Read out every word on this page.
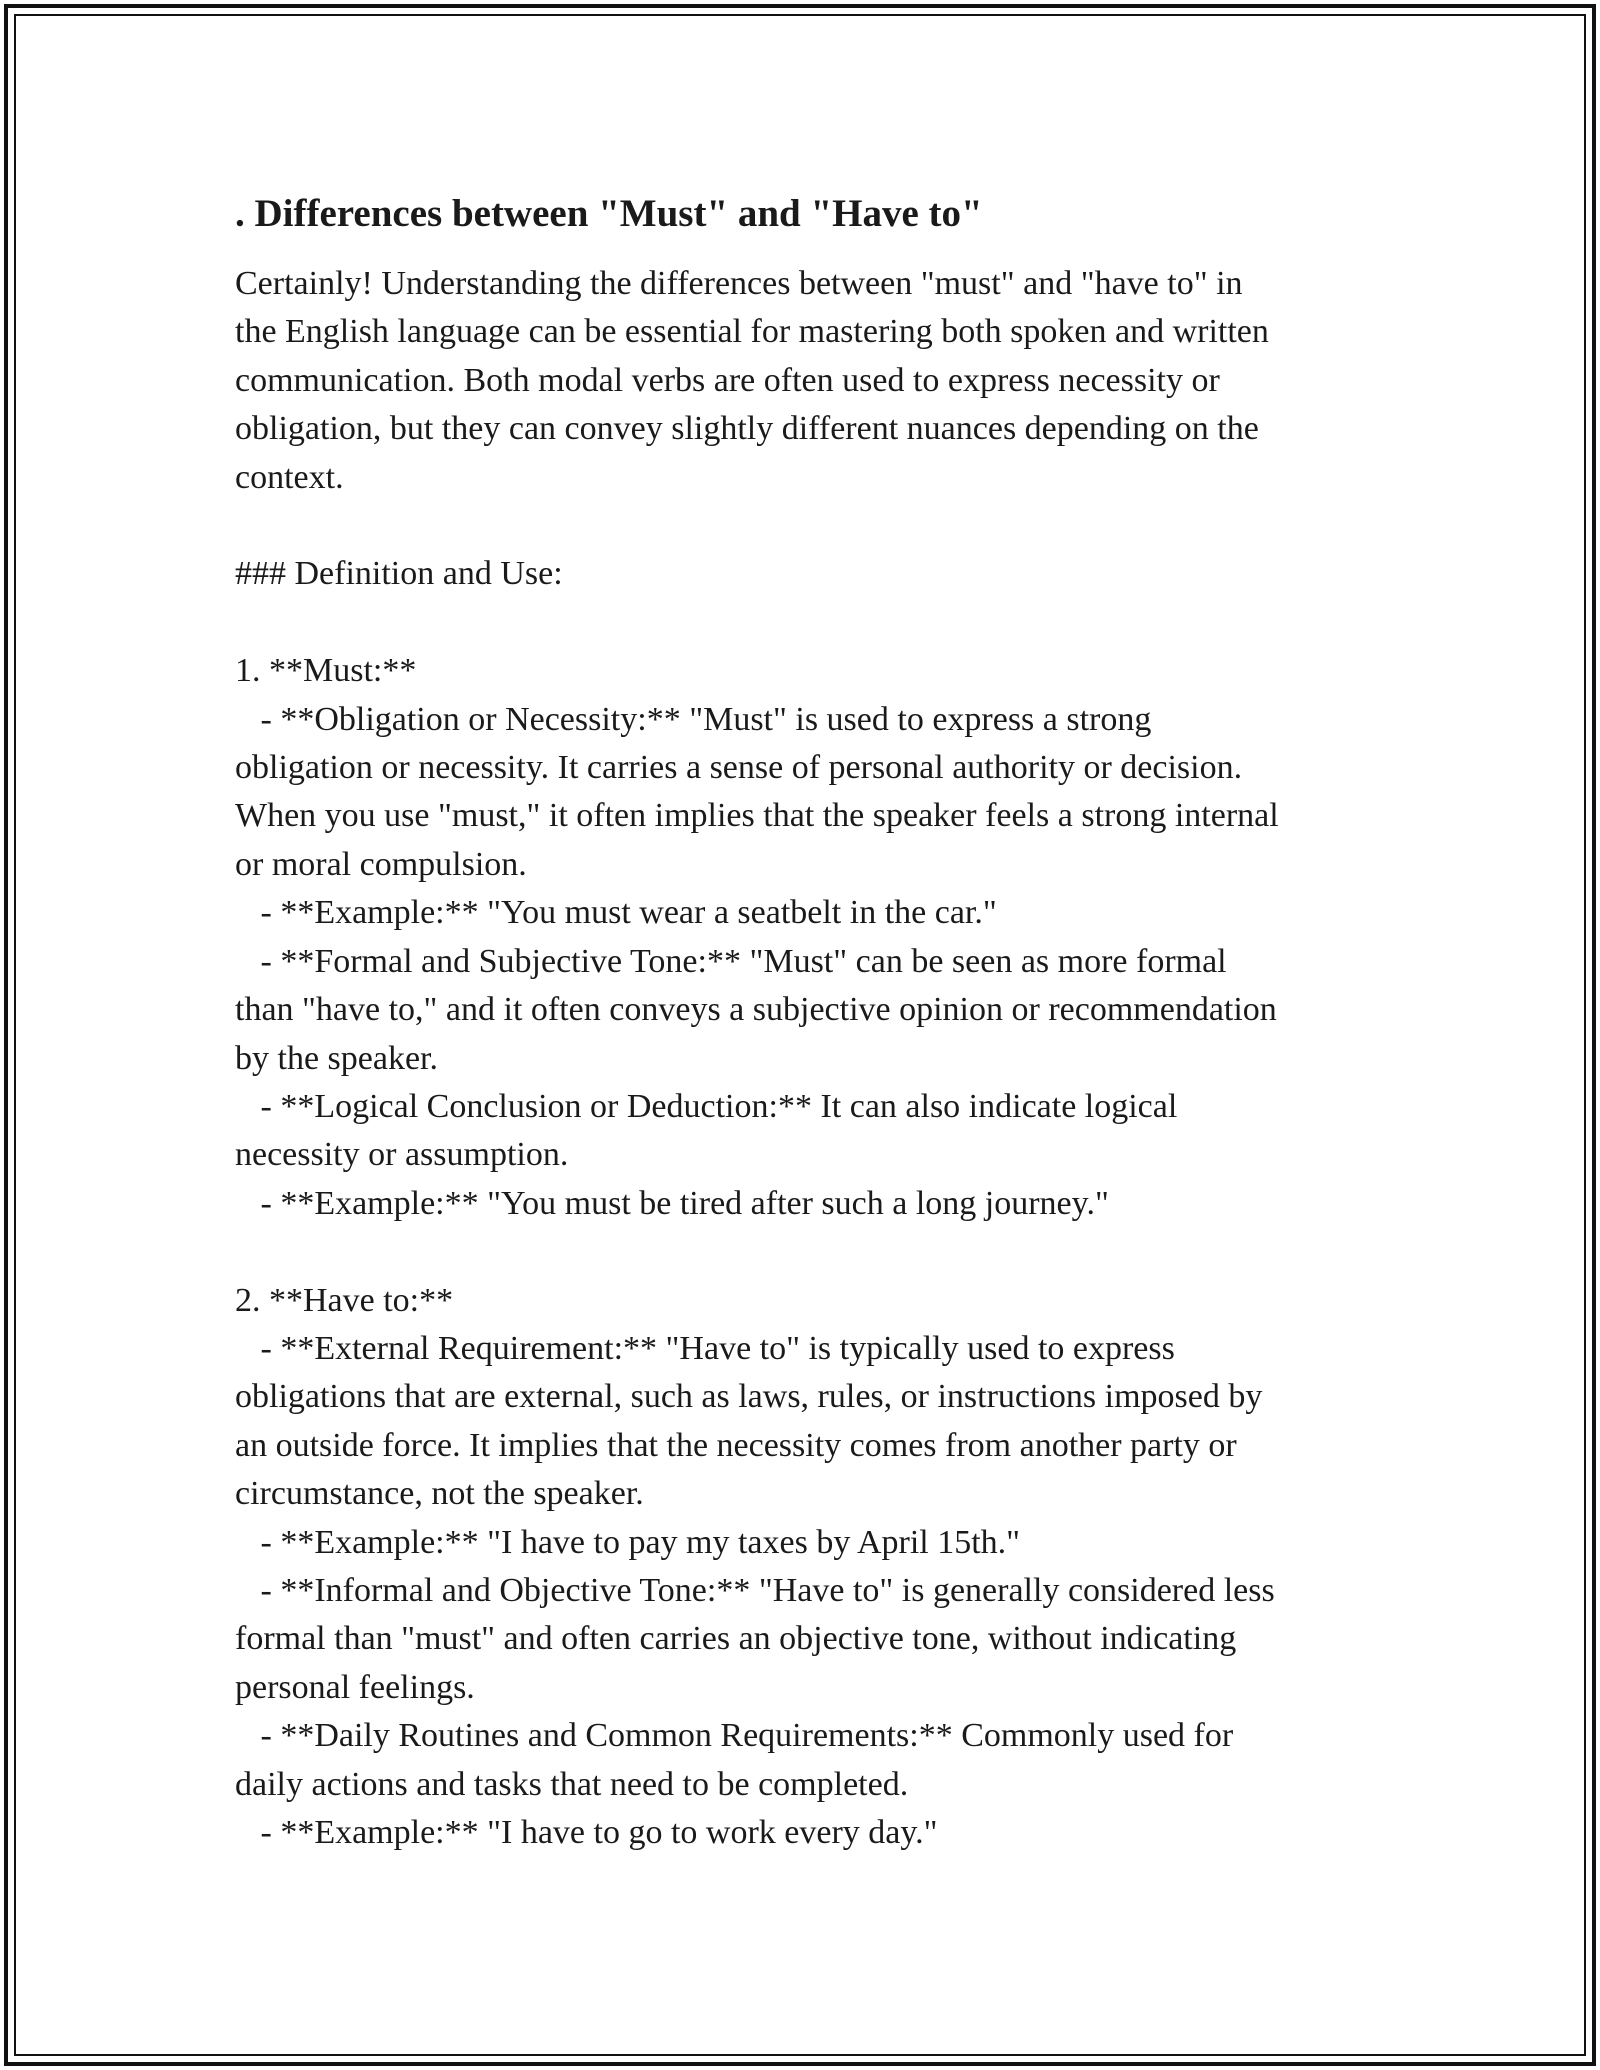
. Differences between "Must" and "Have to"

Certainly! Understanding the differences between "must" and "have to" in

the English language can be essential for mastering both spoken and written

communication. Both modal verbs are often used to express necessity or

obligation, but they can convey slightly different nuances depending on the

context.

### Definition and Use:

1. **Must:**

- **Obligation or Necessity:** "Must" is used to express a strong

obligation or necessity. It carries a sense of personal authority or decision.

When you use "must," it often implies that the speaker feels a strong internal

or moral compulsion.

- **Example:** "You must wear a seatbelt in the car."

- **Formal and Subjective Tone:** "Must" can be seen as more formal

than "have to," and it often conveys a subjective opinion or recommendation

by the speaker.

- **Logical Conclusion or Deduction:** It can also indicate logical

necessity or assumption.

- **Example:** "You must be tired after such a long journey."

2. **Have to:**

- **External Requirement:** "Have to" is typically used to express

obligations that are external, such as laws, rules, or instructions imposed by

an outside force. It implies that the necessity comes from another party or

circumstance, not the speaker.

- **Example:** "I have to pay my taxes by April 15th."

- **Informal and Objective Tone:** "Have to" is generally considered less

formal than "must" and often carries an objective tone, without indicating

personal feelings.

- **Daily Routines and Common Requirements:** Commonly used for

daily actions and tasks that need to be completed.

- **Example:** "I have to go to work every day."
